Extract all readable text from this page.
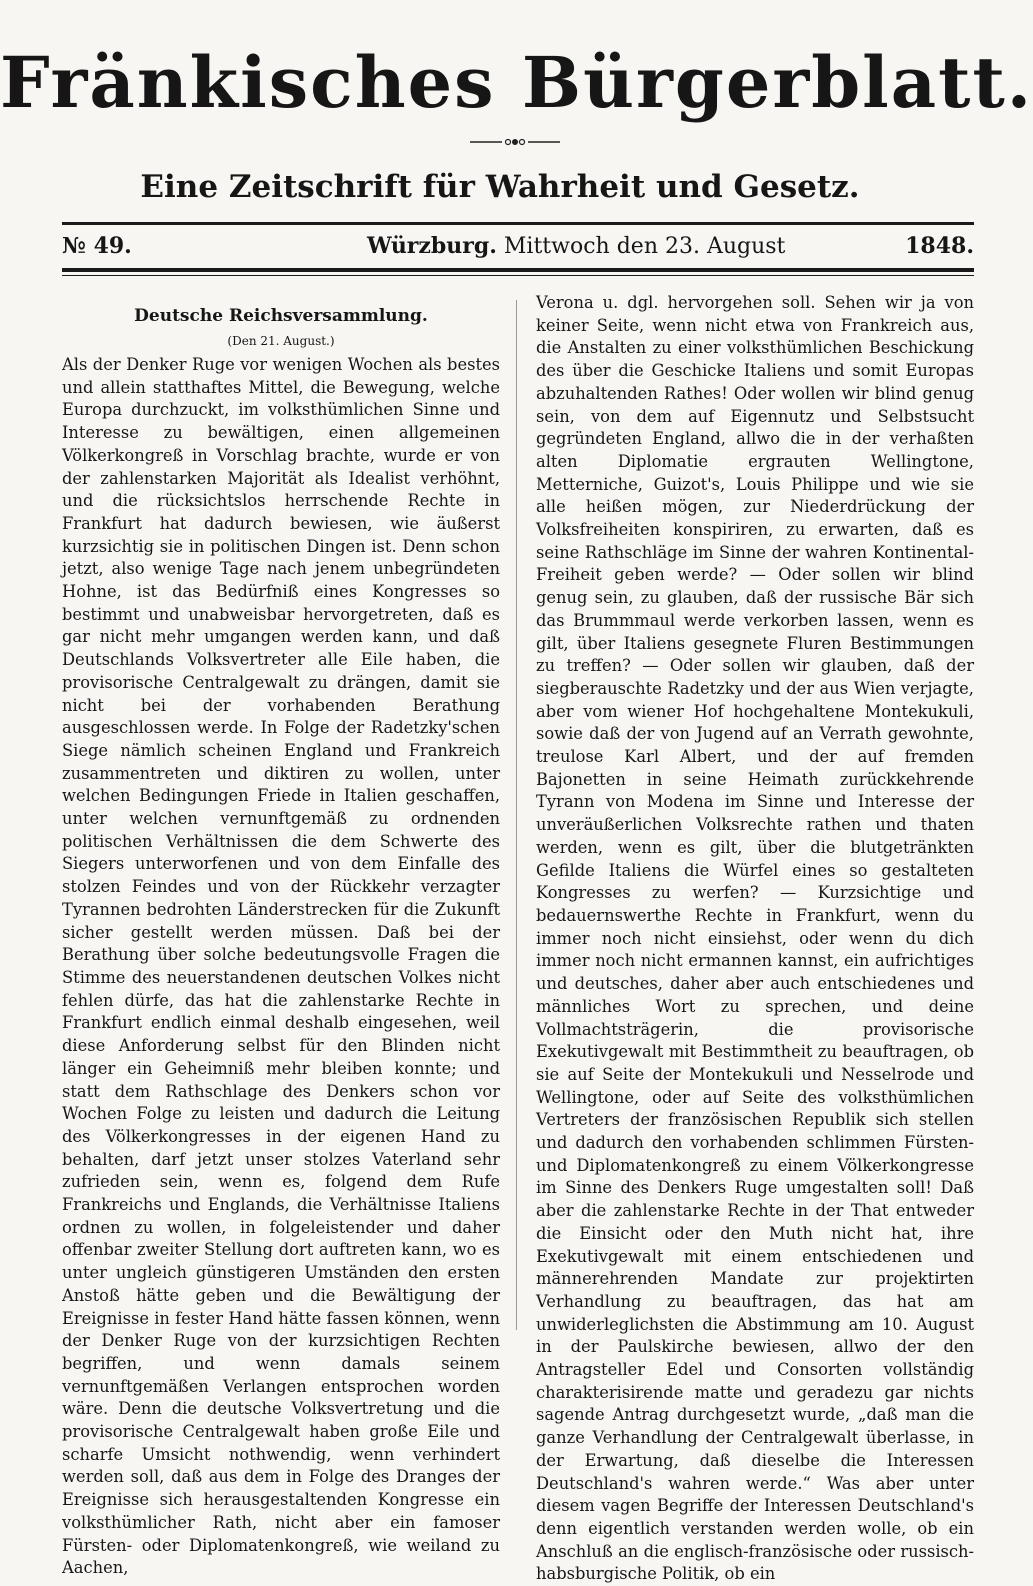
Fränkisches Bürgerblatt.
Eine Zeitschrift für Wahrheit und Gesetz.
№ 49.	Würzburg. Mittwoch den 23. August	1848.
Deutsche Reichsversammlung.
(Den 21. August.)

Als der Denker Ruge vor wenigen Wochen als bestes und allein statthaftes Mittel, die Bewegung, welche Europa durchzuckt, im volksthümlichen Sinne und Interesse zu bewältigen, einen allgemeinen Völkerkongreß in Vorschlag brachte, wurde er von der zahlenstarken Majorität als Idealist verhöhnt, und die rücksichtslos herrschende Rechte in Frankfurt hat dadurch bewiesen, wie äußerst kurzsichtig sie in politischen Dingen ist. Denn schon jetzt, also wenige Tage nach jenem unbegründeten Hohne, ist das Bedürfniß eines Kongresses so bestimmt und unabweisbar hervorgetreten, daß es gar nicht mehr umgangen werden kann, und daß Deutschlands Volksvertreter alle Eile haben, die provisorische Centralgewalt zu drängen, damit sie nicht bei der vorhabenden Berathung ausgeschlossen werde. In Folge der Radetzky'schen Siege nämlich scheinen England und Frankreich zusammentreten und diktiren zu wollen, unter welchen Bedingungen Friede in Italien geschaffen, unter welchen vernunftgemäß zu ordnenden politischen Verhältnissen die dem Schwerte des Siegers unterworfenen und von dem Einfalle des stolzen Feindes und von der Rückkehr verzagter Tyrannen bedrohten Länderstrecken für die Zukunft sicher gestellt werden müssen. Daß bei der Berathung über solche bedeutungsvolle Fragen die Stimme des neuerstandenen deutschen Volkes nicht fehlen dürfe, das hat die zahlenstarke Rechte in Frankfurt endlich einmal deshalb eingesehen, weil diese Anforderung selbst für den Blinden nicht länger ein Geheimniß mehr bleiben konnte; und statt dem Rathschlage des Denkers schon vor Wochen Folge zu leisten und dadurch die Leitung des Völkerkongresses in der eigenen Hand zu behalten, darf jetzt unser stolzes Vaterland sehr zufrieden sein, wenn es, folgend dem Rufe Frankreichs und Englands, die Verhältnisse Italiens ordnen zu wollen, in folgeleistender und daher offenbar zweiter Stellung dort auftreten kann, wo es unter ungleich günstigeren Umständen den ersten Anstoß hätte geben und die Bewältigung der Ereignisse in fester Hand hätte fassen können, wenn der Denker Ruge von der kurzsichtigen Rechten begriffen, und wenn damals seinem vernunftgemäßen Verlangen entsprochen worden wäre. Denn die deutsche Volksvertretung und die provisorische Centralgewalt haben große Eile und scharfe Umsicht nothwendig, wenn verhindert werden soll, daß aus dem in Folge des Dranges der Ereignisse sich herausgestaltenden Kongresse ein volksthümlicher Rath, nicht aber ein famoser Fürsten- oder Diplomatenkongreß, wie weiland zu Aachen,

Verona u. dgl. hervorgehen soll. Sehen wir ja von keiner Seite, wenn nicht etwa von Frankreich aus, die Anstalten zu einer volksthümlichen Beschickung des über die Geschicke Italiens und somit Europas abzuhaltenden Rathes! Oder wollen wir blind genug sein, von dem auf Eigennutz und Selbstsucht gegründeten England, allwo die in der verhaßten alten Diplomatie ergrauten Wellingtone, Metterniche, Guizot's, Louis Philippe und wie sie alle heißen mögen, zur Niederdrückung der Volksfreiheiten konspiriren, zu erwarten, daß es seine Rathschläge im Sinne der wahren Kontinental-Freiheit geben werde? — Oder sollen wir blind genug sein, zu glauben, daß der russische Bär sich das Brummmaul werde verkorben lassen, wenn es gilt, über Italiens gesegnete Fluren Bestimmungen zu treffen? — Oder sollen wir glauben, daß der siegberauschte Radetzky und der aus Wien verjagte, aber vom wiener Hof hochgehaltene Montekukuli, sowie daß der von Jugend auf an Verrath gewohnte, treulose Karl Albert, und der auf fremden Bajonetten in seine Heimath zurückkehrende Tyrann von Modena im Sinne und Interesse der unveräußerlichen Volksrechte rathen und thaten werden, wenn es gilt, über die blutgetränkten Gefilde Italiens die Würfel eines so gestalteten Kongresses zu werfen? — Kurzsichtige und bedauernswerthe Rechte in Frankfurt, wenn du immer noch nicht einsiehst, oder wenn du dich immer noch nicht ermannen kannst, ein aufrichtiges und deutsches, daher aber auch entschiedenes und männliches Wort zu sprechen, und deine Vollmachtsträgerin, die provisorische Exekutivgewalt mit Bestimmtheit zu beauftragen, ob sie auf Seite der Montekukuli und Nesselrode und Wellingtone, oder auf Seite des volksthümlichen Vertreters der französischen Republik sich stellen und dadurch den vorhabenden schlimmen Fürsten- und Diplomatenkongreß zu einem Völkerkongresse im Sinne des Denkers Ruge umgestalten soll! Daß aber die zahlenstarke Rechte in der That entweder die Einsicht oder den Muth nicht hat, ihre Exekutivgewalt mit einem entschiedenen und männerehrenden Mandate zur projektirten Verhandlung zu beauftragen, das hat am unwiderleglichsten die Abstimmung am 10. August in der Paulskirche bewiesen, allwo der den Antragsteller Edel und Consorten vollständig charakterisirende matte und geradezu gar nichts sagende Antrag durchgesetzt wurde, „daß man die ganze Verhandlung der Centralgewalt überlasse, in der Erwartung, daß dieselbe die Interessen Deutschland's wahren werde.“ Was aber unter diesem vagen Begriffe der Interessen Deutschland's denn eigentlich verstanden werden wolle, ob ein Anschluß an die englisch-französische oder russisch-habsburgische Politik, ob ein
